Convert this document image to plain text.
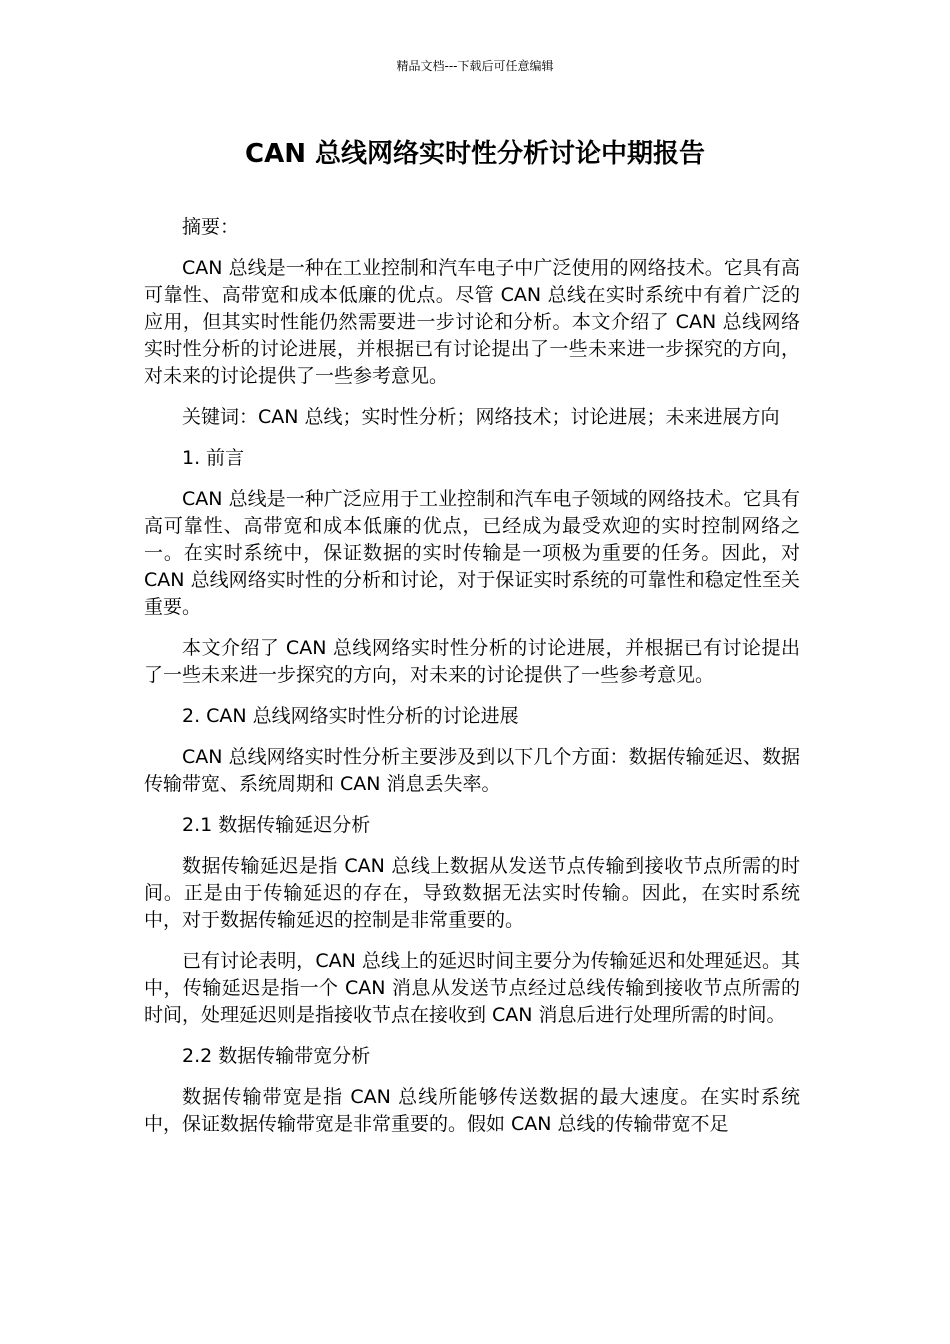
精品文档---下载后可任意编辑
CAN 总线网络实时性分析讨论中期报告

摘要：

CAN 总线是一种在工业控制和汽车电子中广泛使用的网络技术。它具有高可靠性、高带宽和成本低廉的优点。尽管 CAN 总线在实时系统中有着广泛的应用，但其实时性能仍然需要进一步讨论和分析。本文介绍了 CAN 总线网络实时性分析的讨论进展，并根据已有讨论提出了一些未来进一步探究的方向，对未来的讨论提供了一些参考意见。

关键词：CAN 总线；实时性分析；网络技术；讨论进展；未来进展方向

1. 前言

CAN 总线是一种广泛应用于工业控制和汽车电子领域的网络技术。它具有高可靠性、高带宽和成本低廉的优点，已经成为最受欢迎的实时控制网络之一。在实时系统中，保证数据的实时传输是一项极为重要的任务。因此，对 CAN 总线网络实时性的分析和讨论，对于保证实时系统的可靠性和稳定性至关重要。

本文介绍了 CAN 总线网络实时性分析的讨论进展，并根据已有讨论提出了一些未来进一步探究的方向，对未来的讨论提供了一些参考意见。

2. CAN 总线网络实时性分析的讨论进展

CAN 总线网络实时性分析主要涉及到以下几个方面：数据传输延迟、数据传输带宽、系统周期和 CAN 消息丢失率。

2.1 数据传输延迟分析

数据传输延迟是指 CAN 总线上数据从发送节点传输到接收节点所需的时间。正是由于传输延迟的存在，导致数据无法实时传输。因此，在实时系统中，对于数据传输延迟的控制是非常重要的。

已有讨论表明，CAN 总线上的延迟时间主要分为传输延迟和处理延迟。其中，传输延迟是指一个 CAN 消息从发送节点经过总线传输到接收节点所需的时间，处理延迟则是指接收节点在接收到 CAN 消息后进行处理所需的时间。

2.2 数据传输带宽分析

数据传输带宽是指 CAN 总线所能够传送数据的最大速度。在实时系统中，保证数据传输带宽是非常重要的。假如 CAN 总线的传输带宽不足
